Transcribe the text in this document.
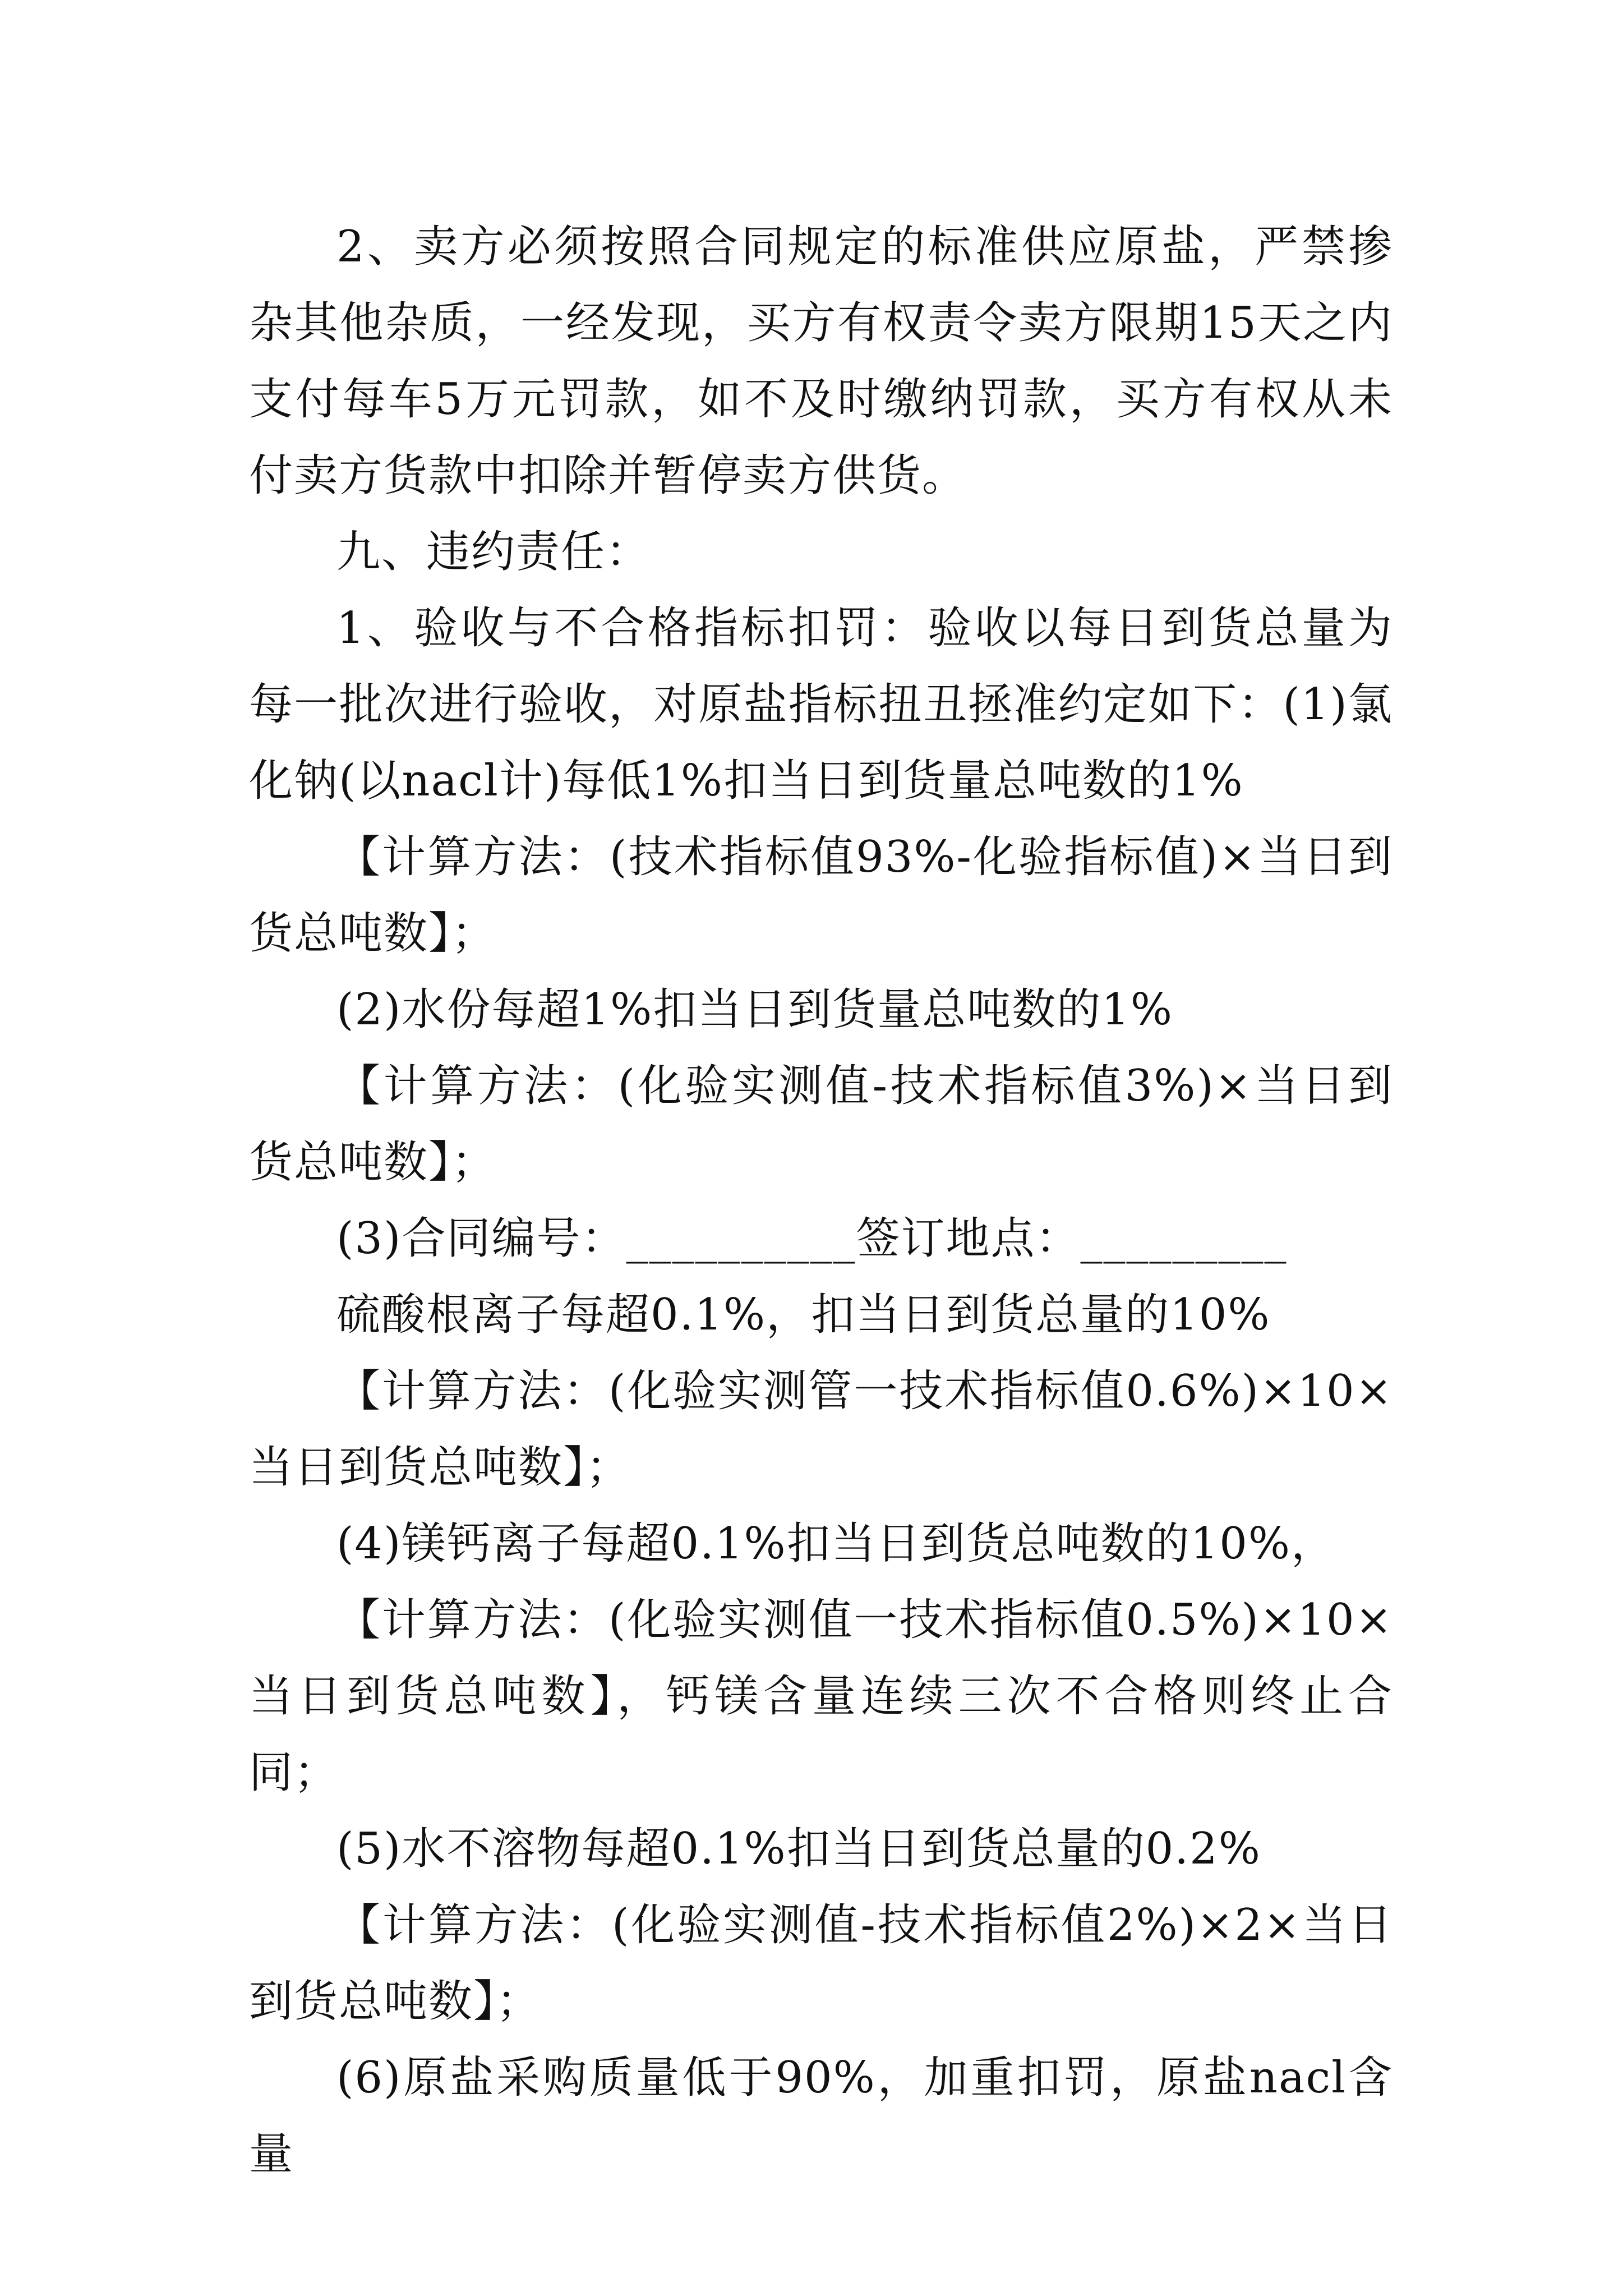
2、卖方必须按照合同规定的标准供应原盐，严禁掺杂其他杂质，一经发现，买方有权责令卖方限期15天之内支付每车5万元罚款，如不及时缴纳罚款，买方有权从未付卖方货款中扣除并暂停卖方供货。

九、违约责任：

1、验收与不合格指标扣罚：验收以每日到货总量为每一批次进行验收，对原盐指标扭丑拯准约定如下：(1)氯化钠(以nacl计)每低1%扣当日到货量总吨数的1%

【计算方法：(技术指标值93%-化验指标值)×当日到货总吨数】；

(2)水份每超1%扣当日到货量总吨数的1%

【计算方法：(化验实测值-技术指标值3%)×当日到货总吨数】；

(3)合同编号：__________签订地点：_________

硫酸根离子每超0.1%，扣当日到货总量的10%

【计算方法：(化验实测管一技术指标值0.6%)×10×当日到货总吨数】；

(4)镁钙离子每超0.1%扣当日到货总吨数的10%，

【计算方法：(化验实测值一技术指标值0.5%)×10×当日到货总吨数】，钙镁含量连续三次不合格则终止合同；

(5)水不溶物每超0.1%扣当日到货总量的0.2%

【计算方法：(化验实测值-技术指标值2%)×2×当日到货总吨数】；

(6)原盐采购质量低于90%，加重扣罚，原盐nacl含量
